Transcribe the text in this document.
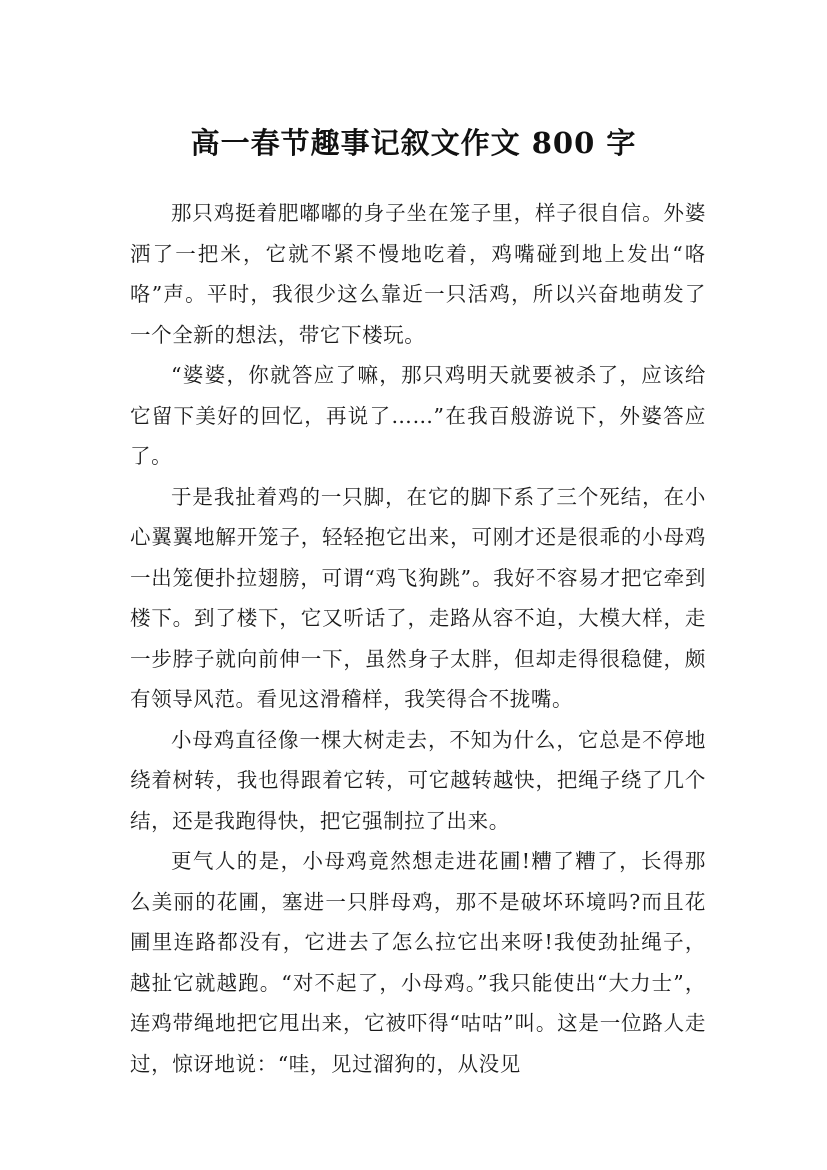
高一春节趣事记叙文作文 800 字

那只鸡挺着肥嘟嘟的身子坐在笼子里，样子很自信。外婆洒了一把米，它就不紧不慢地吃着，鸡嘴碰到地上发出“咯咯”声。平时，我很少这么靠近一只活鸡，所以兴奋地萌发了一个全新的想法，带它下楼玩。

“婆婆，你就答应了嘛，那只鸡明天就要被杀了，应该给它留下美好的回忆，再说了……”在我百般游说下，外婆答应了。

于是我扯着鸡的一只脚，在它的脚下系了三个死结，在小心翼翼地解开笼子，轻轻抱它出来，可刚才还是很乖的小母鸡一出笼便扑拉翅膀，可谓“鸡飞狗跳”。我好不容易才把它牵到楼下。到了楼下，它又听话了，走路从容不迫，大模大样，走一步脖子就向前伸一下，虽然身子太胖，但却走得很稳健，颇有领导风范。看见这滑稽样，我笑得合不拢嘴。

小母鸡直径像一棵大树走去，不知为什么，它总是不停地绕着树转，我也得跟着它转，可它越转越快，把绳子绕了几个结，还是我跑得快，把它强制拉了出来。

更气人的是，小母鸡竟然想走进花圃!糟了糟了，长得那么美丽的花圃，塞进一只胖母鸡，那不是破坏环境吗?而且花圃里连路都没有，它进去了怎么拉它出来呀!我使劲扯绳子，越扯它就越跑。“对不起了，小母鸡。”我只能使出“大力士”，连鸡带绳地把它甩出来，它被吓得“咕咕”叫。这是一位路人走过，惊讶地说：“哇，见过溜狗的，从没见
